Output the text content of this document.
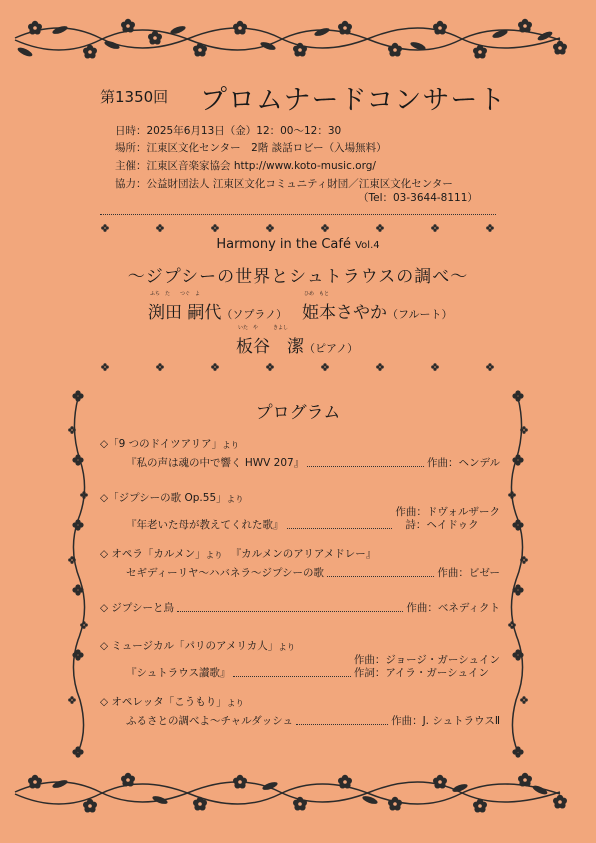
第1350回 プロムナードコンサート
日時：2025年6月13日（金）12：00～12：30
場所：江東区文化センター　2階 談話ロビー（入場無料）
主催：江東区音楽家協会 http://www.koto-music.org/
協力：公益財団法人 江東区文化コミュニティ財団／江東区文化センター
（Tel：03-3644-8111）
Harmony in the Café Vol.4
～ジプシーの世界とシュトラウスの調べ～
ふち　た　　つぐ　よ
渕田 嗣代（ソプラノ）
ひめ　もと
姫本さやか（フルート）
いた　や　　　きよし
板谷　潔（ピアノ）
プログラム
◇「9 つのドイツアリア」 より
『私の声は魂の中で響く HWV 207』	作曲：ヘンデル
◇「ジプシーの歌 Op.55」 より
『年老いた母が教えてくれた歌』
作曲：ドヴォルザーク
詩：ヘイドゥク
◇ オペラ「カルメン」 より 『カルメンのアリアメドレー』
セギディーリヤ～ハバネラ～ジプシーの歌	作曲：ビゼー
◇ ジプシーと鳥	作曲：ベネディクト
◇ ミュージカル「パリのアメリカ人」 より
『シュトラウス讃歌』
作曲：ジョージ・ガーシュイン
作詞：アイラ・ガーシュイン
◇ オペレッタ「こうもり」 より
ふるさとの調べよ～チャルダッシュ	作曲：J. シュトラウスⅡ
